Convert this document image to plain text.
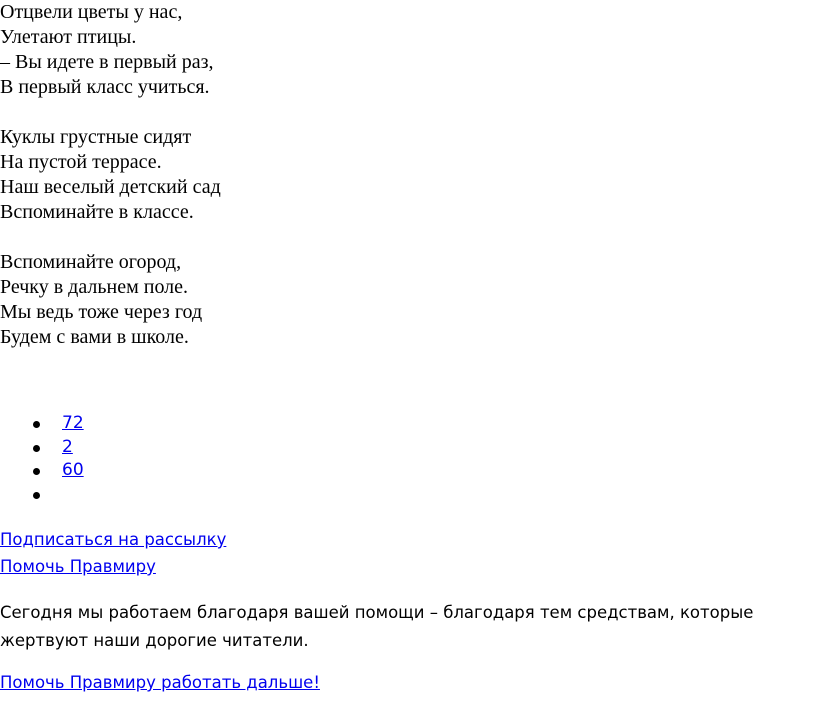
Отцвели цветы у нас,
Улетают птицы.
– Вы идете в первый раз,
В первый класс учиться.
Куклы грустные сидят
На пустой террасе.
Наш веселый детский сад
Вспоминайте в классе.
Вспоминайте огород,
Речку в дальнем поле.
Мы ведь тоже через год
Будем с вами в школе.
72
2
60
Подписаться на рассылку
Помочь Правмиру

Сегодня мы работаем благодаря вашей помощи – благодаря тем средствам, которые жертвуют наши дорогие читатели.

Помочь Правмиру работать дальше!
